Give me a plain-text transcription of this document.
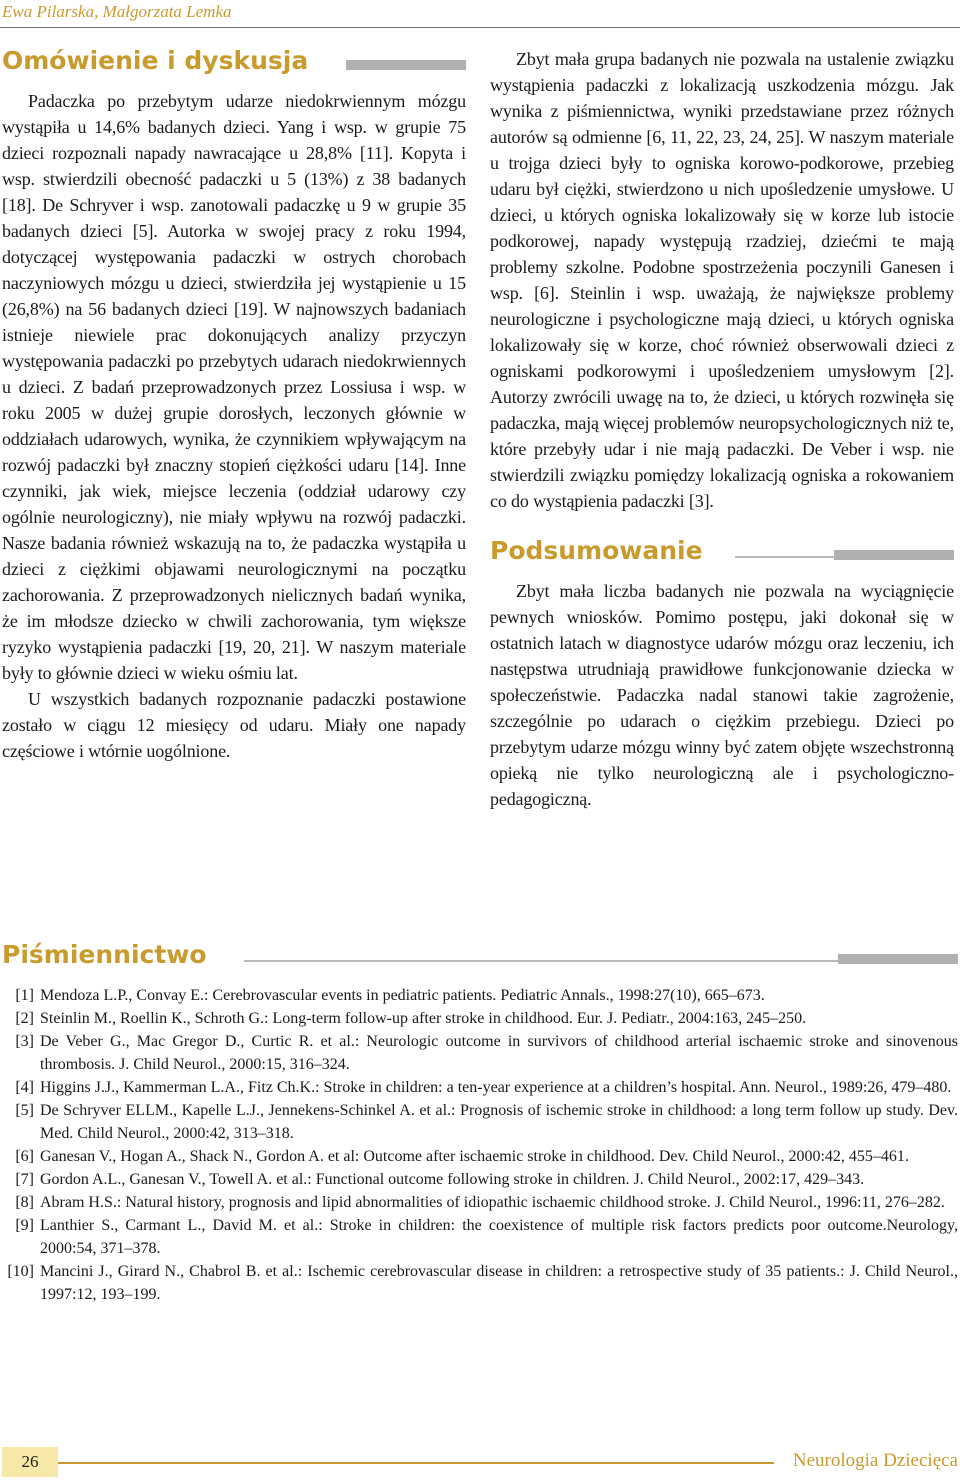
Ewa Pilarska, Małgorzata Lemka
Omówienie i dyskusja

Padaczka po przebytym udarze niedokrwiennym mózgu wystąpiła u 14,6% badanych dzieci. Yang i wsp. w grupie 75 dzieci rozpoznali napady nawracające u 28,8% [11]. Kopyta i wsp. stwierdzili obecność padaczki u 5 (13%) z 38 badanych [18]. De Schryver i wsp. zanotowali padaczkę u 9 w grupie 35 badanych dzieci [5]. Autorka w swojej pracy z roku 1994, dotyczącej występowania padaczki w ostrych chorobach naczyniowych mózgu u dzieci, stwierdziła jej wystąpienie u 15 (26,8%) na 56 badanych dzieci [19]. W najnowszych badaniach istnieje niewiele prac dokonujących analizy przyczyn występowania padaczki po przebytych udarach niedokrwiennych u dzieci. Z badań przeprowadzonych przez Lossiusa i wsp. w roku 2005 w dużej grupie dorosłych, leczonych głównie w oddziałach udarowych, wynika, że czynnikiem wpływającym na rozwój padaczki był znaczny stopień ciężkości udaru [14]. Inne czynniki, jak wiek, miejsce leczenia (oddział udarowy czy ogólnie neurologiczny), nie miały wpływu na rozwój padaczki. Nasze badania również wskazują na to, że padaczka wystąpiła u dzieci z ciężkimi objawami neurologicznymi na początku zachorowania. Z przeprowadzonych nielicznych badań wynika, że im młodsze dziecko w chwili zachorowania, tym większe ryzyko wystąpienia padaczki [19, 20, 21]. W naszym materiale były to głównie dzieci w wieku ośmiu lat.

U wszystkich badanych rozpoznanie padaczki postawione zostało w ciągu 12 miesięcy od udaru. Miały one napady częściowe i wtórnie uogólnione.

Zbyt mała grupa badanych nie pozwala na ustalenie związku wystąpienia padaczki z lokalizacją uszkodzenia mózgu. Jak wynika z piśmiennictwa, wyniki przedstawiane przez różnych autorów są odmienne [6, 11, 22, 23, 24, 25]. W naszym materiale u trojga dzieci były to ogniska korowo-podkorowe, przebieg udaru był ciężki, stwierdzono u nich upośledzenie umysłowe. U dzieci, u których ogniska lokalizowały się w korze lub istocie podkorowej, napady występują rzadziej, dziećmi te mają problemy szkolne. Podobne spostrzeżenia poczynili Ganesen i wsp. [6]. Steinlin i wsp. uważają, że największe problemy neurologiczne i psychologiczne mają dzieci, u których ogniska lokalizowały się w korze, choć również obserwowali dzieci z ogniskami podkorowymi i upośledzeniem umysłowym [2]. Autorzy zwrócili uwagę na to, że dzieci, u których rozwinęła się padaczka, mają więcej problemów neuropsychologicznych niż te, które przebyły udar i nie mają padaczki. De Veber i wsp. nie stwierdzili związku pomiędzy lokalizacją ogniska a rokowaniem co do wystąpienia padaczki [3].

Podsumowanie

Zbyt mała liczba badanych nie pozwala na wyciągnięcie pewnych wniosków. Pomimo postępu, jaki dokonał się w ostatnich latach w diagnostyce udarów mózgu oraz leczeniu, ich następstwa utrudniają prawidłowe funkcjonowanie dziecka w społeczeństwie. Padaczka nadal stanowi takie zagrożenie, szczególnie po udarach o ciężkim przebiegu. Dzieci po przebytym udarze mózgu winny być zatem objęte wszechstronną opieką nie tylko neurologiczną ale i psychologiczno-pedagogiczną.

Piśmiennictwo
[1] Mendoza L.P., Convay E.: Cerebrovascular events in pediatric patients. Pediatric Annals., 1998:27(10), 665–673.
[2] Steinlin M., Roellin K., Schroth G.: Long-term follow-up after stroke in childhood. Eur. J. Pediatr., 2004:163, 245–250.
[3] De Veber G., Mac Gregor D., Curtic R. et al.: Neurologic outcome in survivors of childhood arterial ischaemic stroke and sinovenous thrombosis. J. Child Neurol., 2000:15, 316–324.
[4] Higgins J.J., Kammerman L.A., Fitz Ch.K.: Stroke in children: a ten-year experience at a children’s hospital. Ann. Neurol., 1989:26, 479–480.
[5] De Schryver ELLM., Kapelle L.J., Jennekens-Schinkel A. et al.: Prognosis of ischemic stroke in childhood: a long term follow up study. Dev. Med. Child Neurol., 2000:42, 313–318.
[6] Ganesan V., Hogan A., Shack N., Gordon A. et al: Outcome after ischaemic stroke in childhood. Dev. Child Neurol., 2000:42, 455–461.
[7] Gordon A.L., Ganesan V., Towell A. et al.: Functional outcome following stroke in children. J. Child Neurol., 2002:17, 429–343.
[8] Abram H.S.: Natural history, prognosis and lipid abnormalities of idiopathic ischaemic childhood stroke. J. Child Neurol., 1996:11, 276–282.
[9] Lanthier S., Carmant L., David M. et al.: Stroke in children: the coexistence of multiple risk factors predicts poor outcome.Neurology, 2000:54, 371–378.
[10] Mancini J., Girard N., Chabrol B. et al.: Ischemic cerebrovascular disease in children: a retrospective study of 35 patients.: J. Child Neurol., 1997:12, 193–199.
26	Neurologia Dziecięca
